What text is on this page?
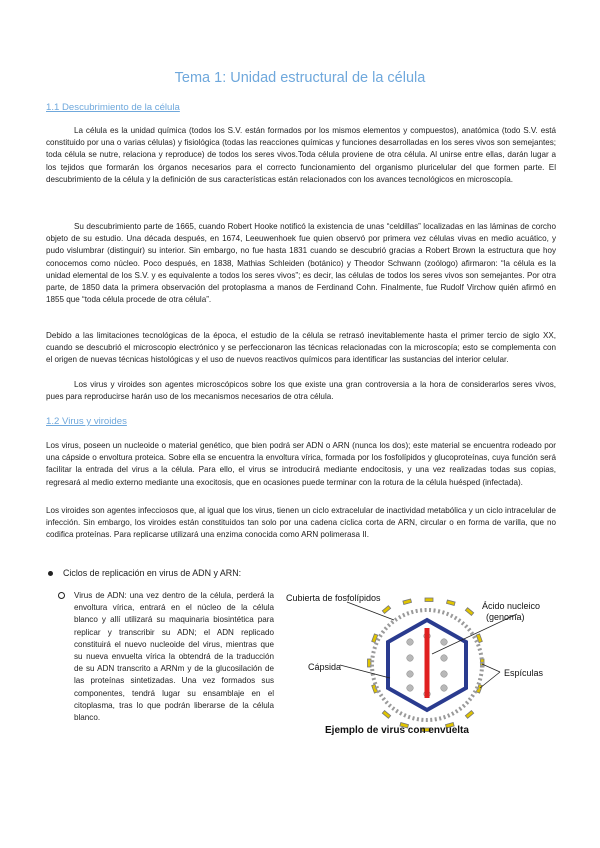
Tema 1: Unidad estructural de la célula
1.1 Descubrimiento de la célula

La célula es la unidad química (todos los S.V. están formados por los mismos elementos y compuestos), anatómica (todo S.V. está constituido por una o varias células) y fisiológica (todas las reacciones químicas y funciones desarrolladas en los seres vivos son semejantes; toda célula se nutre, relaciona y reproduce) de todos los seres vivos.Toda célula proviene de otra célula. Al unirse entre ellas, darán lugar a los tejidos que formarán los órganos necesarios para el correcto funcionamiento del organismo pluricelular del que formen parte. El descubrimiento de la célula y la definición de sus características están relacionados con los avances tecnológicos en microscopía.

Su descubrimiento parte de 1665, cuando Robert Hooke notificó la existencia de unas “celdillas” localizadas en las láminas de corcho objeto de su estudio. Una década después, en 1674, Leeuwenhoek fue quien observó por primera vez células vivas en medio acuático, y pudo vislumbrar (distinguir) su interior. Sin embargo, no fue hasta 1831 cuando se descubrió gracias a Robert Brown la estructura que hoy conocemos como núcleo. Poco después, en 1838, Mathias Schleiden (botánico) y Theodor Schwann (zoólogo) afirmaron: “la célula es la unidad elemental de los S.V. y es equivalente a todos los seres vivos”; es decir, las células de todos los seres vivos son semejantes. Por otra parte, de 1850 data la primera observación del protoplasma a manos de Ferdinand Cohn. Finalmente, fue Rudolf Virchow quién afirmó en 1855 que “toda célula procede de otra célula”.

Debido a las limitaciones tecnológicas de la época, el estudio de la célula se retrasó inevitablemente hasta el primer tercio de siglo XX, cuando se descubrió el microscopio electrónico y se perfeccionaron las técnicas relacionadas con la microscopía; esto se complementa con el origen de nuevas técnicas histológicas y el uso de nuevos reactivos químicos para identificar las sustancias del interior celular.

Los virus y viroides son agentes microscópicos sobre los que existe una gran controversia a la hora de considerarlos seres vivos, pues para reproducirse harán uso de los mecanismos necesarios de otra célula.

1.2 Virus y viroides

Los virus, poseen un nucleoide o material genético, que bien podrá ser ADN o ARN (nunca los dos); este material se encuentra rodeado por una cápside o envoltura proteica. Sobre ella se encuentra la envoltura vírica, formada por los fosfolípidos y glucoproteínas, cuya función será facilitar la entrada del virus a la célula. Para ello, el virus se introducirá mediante endocitosis, y una vez realizadas todas sus copias, regresará al medio externo mediante una exocitosis, que en ocasiones puede terminar con la rotura de la célula huésped (infectada).

Los viroides son agentes infecciosos que, al igual que los virus, tienen un ciclo extracelular de inactividad metabólica y un ciclo intracelular de infección. Sin embargo, los viroides están constituidos tan solo por una cadena cíclica corta de ARN, circular o en forma de varilla, que no codifica proteínas. Para replicarse utilizará una enzima conocida como ARN polimerasa II.

Ciclos de replicación en virus de ADN y ARN:

Virus de ADN: una vez dentro de la célula, perderá la envoltura vírica, entrará en el núcleo de la célula blanco y allí utilizará su maquinaria biosintética para replicar y transcribir su ADN; el ADN replicado constituirá el nuevo nucleoide del virus, mientras que su nueva envuelta vírica la obtendrá de la traducción de su ADN transcrito a ARNm y de la glucosilación de las proteínas sintetizadas. Una vez formados sus componentes, tendrá lugar su ensamblaje en el citoplasma, tras lo que podrán liberarse de la célula blanco.

Cubierta de fosfolípidos
Ácido nucleico
(genoma)
Cápsida
Espículas
Ejemplo de virus con envuelta
